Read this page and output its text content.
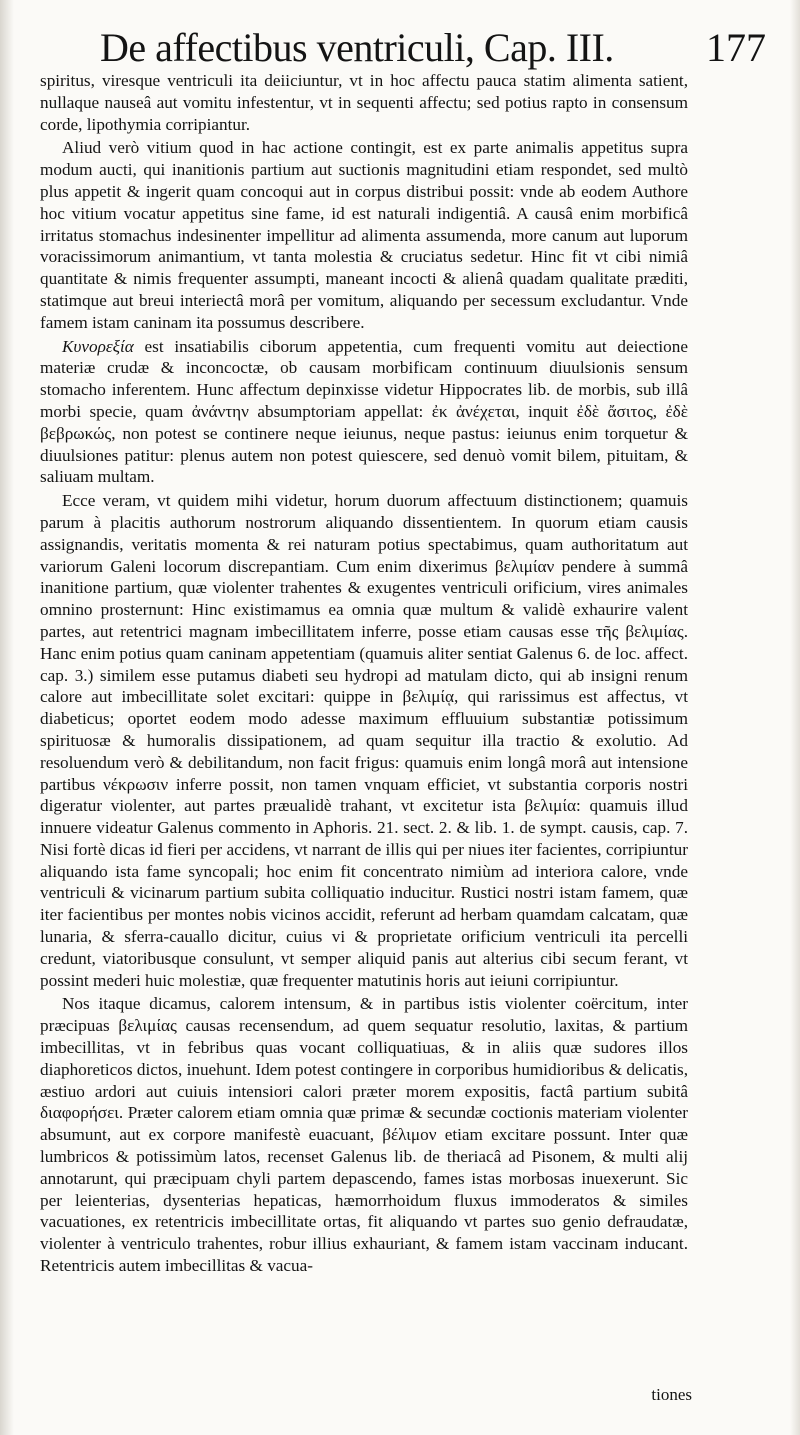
De affectibus ventriculi, Cap. III. 177

spiritus, viresque ventriculi ita deiiciuntur, vt in hoc affectu pauca statim alimenta satient, nullaque nauseâ aut vomitu infestentur, vt in sequenti affectu; sed potius rapto in consensum corde, lipothymia corripiantur.

Aliud verò vitium quod in hac actione contingit, est ex parte animalis appetitus supra modum aucti, qui inanitionis partium aut suctionis magnitudini etiam respondet, sed multò plus appetit & ingerit quam concoqui aut in corpus distribui possit: vnde ab eodem Authore hoc vitium vocatur appetitus sine fame, id est naturali indigentiâ. A causâ enim morbificâ irritatus stomachus indesinenter impellitur ad alimenta assumenda, more canum aut luporum voracissimorum animantium, vt tanta molestia & cruciatus sedetur. Hinc fit vt cibi nimiâ quantitate & nimis frequenter assumpti, maneant incocti & alienâ quadam qualitate præditi, statimque aut breui interiectâ morâ per vomitum, aliquando per secessum excludantur. Vnde famem istam caninam ita possumus describere.

Κυνορεξία est insatiabilis ciborum appetentia, cum frequenti vomitu aut deiectione materiæ crudæ & inconcoctæ, ob causam morbificam continuum diuulsionis sensum stomacho inferentem. Hunc affectum depinxisse videtur Hippocrates lib. de morbis, sub illâ morbi specie, quam ἀνάντην absumptoriam appellat: ἐκ ἀνέχεται, inquit ἐδὲ ἄσιτος, ἐδὲ βεβρωκώς, non potest se continere neque ieiunus, neque pastus: ieiunus enim torquetur & diuulsiones patitur: plenus autem non potest quiescere, sed denuò vomit bilem, pituitam, & saliuam multam.

Ecce veram, vt quidem mihi videtur, horum duorum affectuum distinctionem; quamuis parum à placitis authorum nostrorum aliquando dissentientem. In quorum etiam causis assignandis, veritatis momenta & rei naturam potius spectabimus, quam authoritatum aut variorum Galeni locorum discrepantiam. Cum enim dixerimus βελιμίαν pendere à summâ inanitione partium, quæ violenter trahentes & exugentes ventriculi orificium, vires animales omnino prosternunt: Hinc existimamus ea omnia quæ multum & validè exhaurire valent partes, aut retentrici magnam imbecillitatem inferre, posse etiam causas esse τῆς βελιμίας. Hanc enim potius quam caninam appetentiam (quamuis aliter sentiat Galenus 6. de loc. affect. cap. 3.) similem esse putamus diabeti seu hydropi ad matulam dicto, qui ab insigni renum calore aut imbecillitate solet excitari: quippe in βελιμίᾳ, qui rarissimus est affectus, vt diabeticus; oportet eodem modo adesse maximum effluuium substantiæ potissimum spirituosæ & humoralis dissipationem, ad quam sequitur illa tractio & exolutio. Ad resoluendum verò & debilitandum, non facit frigus: quamuis enim longâ morâ aut intensione partibus νέκρωσιν inferre possit, non tamen vnquam efficiet, vt substantia corporis nostri digeratur violenter, aut partes præualidè trahant, vt excitetur ista βελιμία: quamuis illud innuere videatur Galenus commento in Aphoris. 21. sect. 2. & lib. 1. de sympt. causis, cap. 7. Nisi fortè dicas id fieri per accidens, vt narrant de illis qui per niues iter facientes, corripiuntur aliquando ista fame syncopali; hoc enim fit concentrato nimiùm ad interiora calore, vnde ventriculi & vicinarum partium subita colliquatio inducitur. Rustici nostri istam famem, quæ iter facientibus per montes nobis vicinos accidit, referunt ad herbam quamdam calcatam, quæ lunaria, & sferra-cauallo dicitur, cuius vi & proprietate orificium ventriculi ita percelli credunt, viatoribusque consulunt, vt semper aliquid panis aut alterius cibi secum ferant, vt possint mederi huic molestiæ, quæ frequenter matutinis horis aut ieiuni corripiuntur.

Nos itaque dicamus, calorem intensum, & in partibus istis violenter coërcitum, inter præcipuas βελιμίας causas recensendum, ad quem sequatur resolutio, laxitas, & partium imbecillitas, vt in febribus quas vocant colliquatiuas, & in aliis quæ sudores illos diaphoreticos dictos, inuehunt. Idem potest contingere in corporibus humidioribus & delicatis, æstiuo ardori aut cuiuis intensiori calori præter morem expositis, factâ partium subitâ διαφορήσει. Præter calorem etiam omnia quæ primæ & secundæ coctionis materiam violenter absumunt, aut ex corpore manifestè euacuant, βέλιμον etiam excitare possunt. Inter quæ lumbricos & potissimùm latos, recenset Galenus lib. de theriacâ ad Pisonem, & multi alij annotarunt, qui præcipuam chyli partem depascendo, fames istas morbosas inuexerunt. Sic per leienterias, dysenterias hepaticas, hæmorrhoidum fluxus immoderatos & similes vacuationes, ex retentricis imbecillitate ortas, fit aliquando vt partes suo genio defraudatæ, violenter à ventriculo trahentes, robur illius exhauriant, & famem istam vaccinam inducant. Retentricis autem imbecillitas & vacua-

tiones
